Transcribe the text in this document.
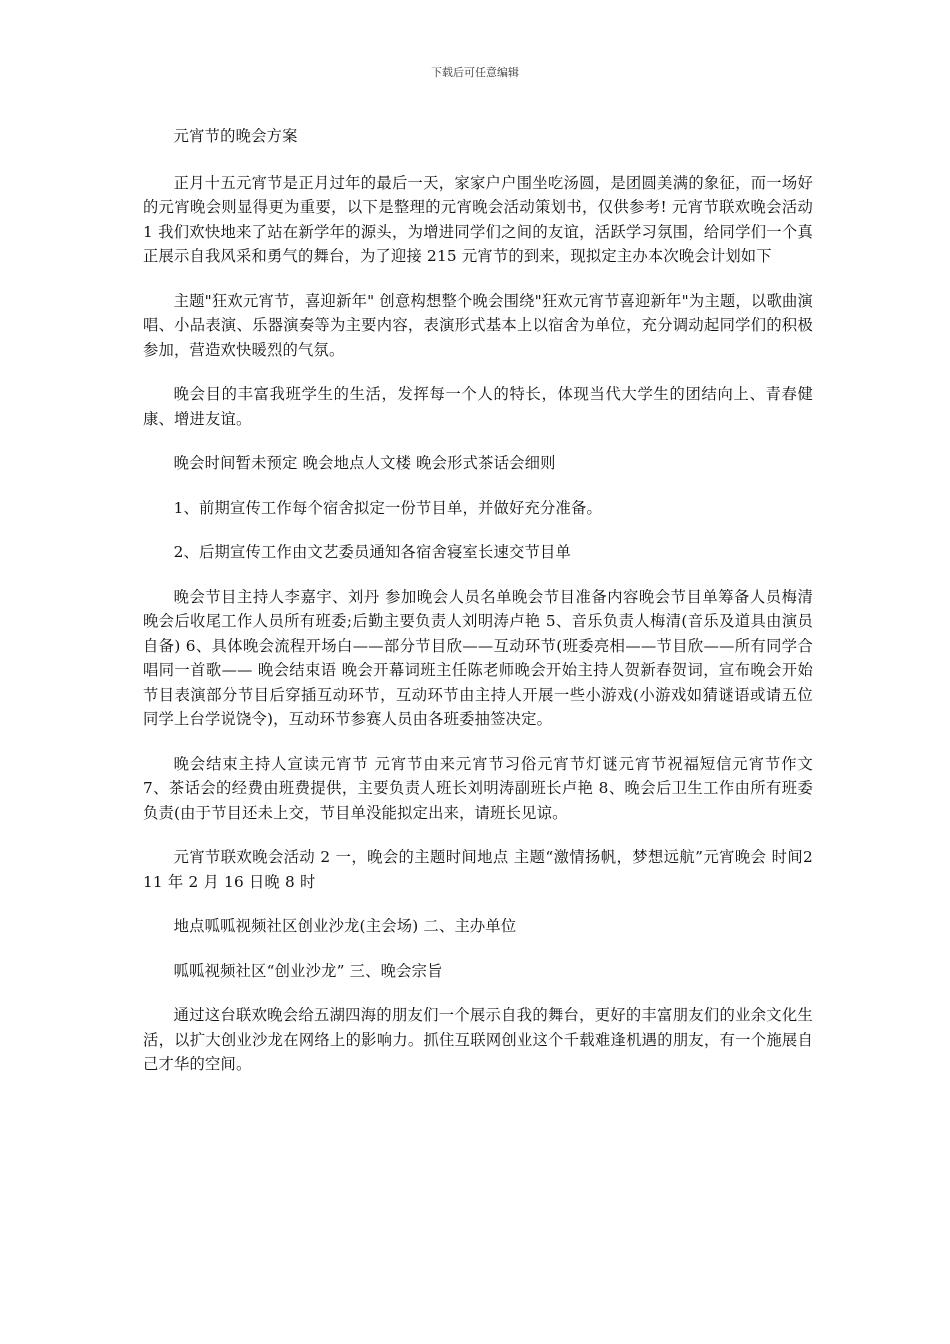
下载后可任意编辑

元宵节的晚会方案

正月十五元宵节是正月过年的最后一天，家家户户围坐吃汤圆，是团圆美满的象征，而一场好的元宵晚会则显得更为重要，以下是整理的元宵晚会活动策划书，仅供参考! 元宵节联欢晚会活动 1 我们欢快地来了站在新学年的源头，为增进同学们之间的友谊，活跃学习氛围，给同学们一个真正展示自我风采和勇气的舞台，为了迎接 215 元宵节的到来，现拟定主办本次晚会计划如下

主题"狂欢元宵节，喜迎新年" 创意构想整个晚会围绕"狂欢元宵节喜迎新年"为主题，以歌曲演唱、小品表演、乐器演奏等为主要内容，表演形式基本上以宿舍为单位，充分调动起同学们的积极参加，营造欢快暖烈的气氛。

晚会目的丰富我班学生的生活，发挥每一个人的特长，体现当代大学生的团结向上、青春健康、增进友谊。

晚会时间暂未预定 晚会地点人文楼 晚会形式茶话会细则

1、前期宣传工作每个宿舍拟定一份节目单，并做好充分准备。

2、后期宣传工作由文艺委员通知各宿舍寝室长速交节目单

晚会节目主持人李嘉宇、刘丹 参加晚会人员名单晚会节目准备内容晚会节目单筹备人员梅清晚会后收尾工作人员所有班委;后勤主要负责人刘明涛卢艳 5、音乐负责人梅清(音乐及道具由演员自备) 6、具体晚会流程开场白——部分节目欣——互动环节(班委亮相——节目欣——所有同学合唱同一首歌—— 晚会结束语 晚会开幕词班主任陈老师晚会开始主持人贺新春贺词，宣布晚会开始 节目表演部分节目后穿插互动环节，互动环节由主持人开展一些小游戏(小游戏如猜谜语或请五位同学上台学说饶令)，互动环节参赛人员由各班委抽签决定。

晚会结束主持人宣读元宵节 元宵节由来元宵节习俗元宵节灯谜元宵节祝福短信元宵节作文 7、茶话会的经费由班费提供，主要负责人班长刘明涛副班长卢艳 8、晚会后卫生工作由所有班委负责(由于节目还未上交，节目单没能拟定出来，请班长见谅。

元宵节联欢晚会活动 2 一，晚会的主题时间地点 主题“激情扬帆，梦想远航”元宵晚会 时间211 年 2 月 16 日晚 8 时

地点呱呱视频社区创业沙龙(主会场) 二、主办单位

呱呱视频社区“创业沙龙” 三、晚会宗旨

通过这台联欢晚会给五湖四海的朋友们一个展示自我的舞台，更好的丰富朋友们的业余文化生活，以扩大创业沙龙在网络上的影响力。抓住互联网创业这个千载难逢机遇的朋友，有一个施展自己才华的空间。
